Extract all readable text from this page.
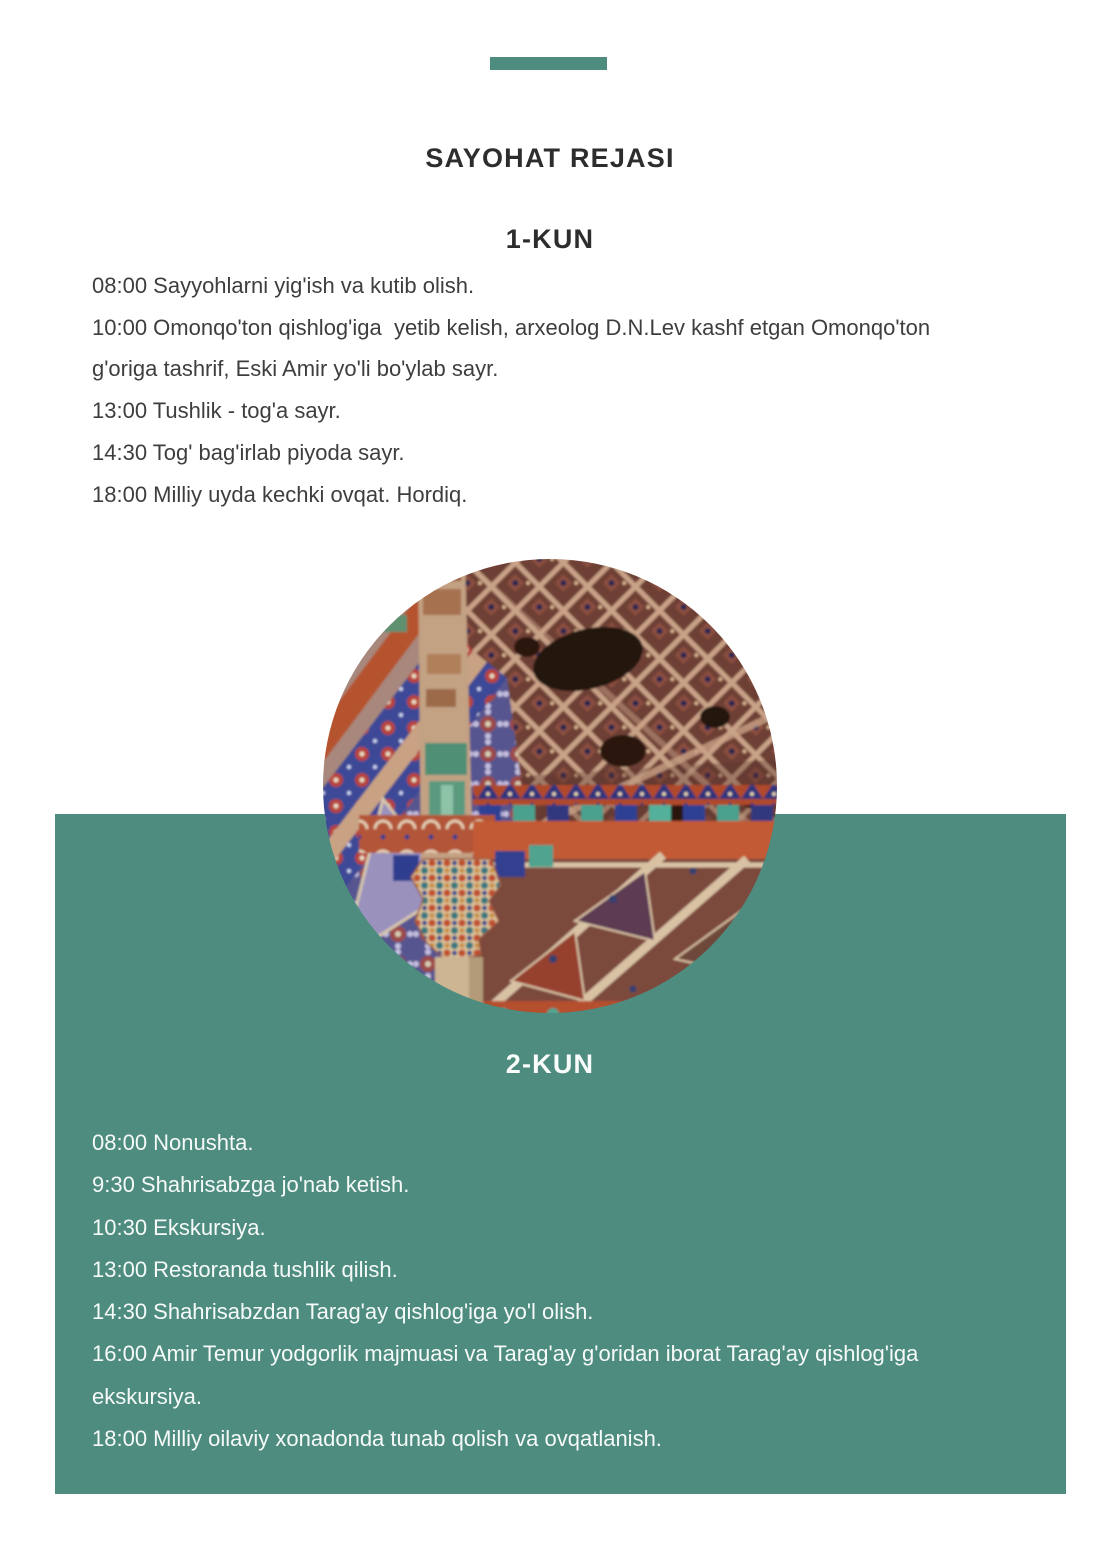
SAYOHAT REJASI
1-KUN

08:00 Sayyohlarni yig'ish va kutib olish.

10:00 Omonqo'ton qishlog'iga  yetib kelish, arxeolog D.N.Lev kashf etgan Omonqo'ton g'origa tashrif, Eski Amir yo'li bo'ylab sayr.

13:00 Tushlik - tog'a sayr.

14:30 Tog' bag'irlab piyoda sayr.

18:00 Milliy uyda kechki ovqat. Hordiq.

2-KUN

08:00 Nonushta.

9:30 Shahrisabzga jo'nab ketish.

10:30 Ekskursiya.

13:00 Restoranda tushlik qilish.

14:30 Shahrisabzdan Tarag'ay qishlog'iga yo'l olish.

16:00 Amir Temur yodgorlik majmuasi va Tarag'ay g'oridan iborat Tarag'ay qishlog'iga ekskursiya.

18:00 Milliy oilaviy xonadonda tunab qolish va ovqatlanish.
